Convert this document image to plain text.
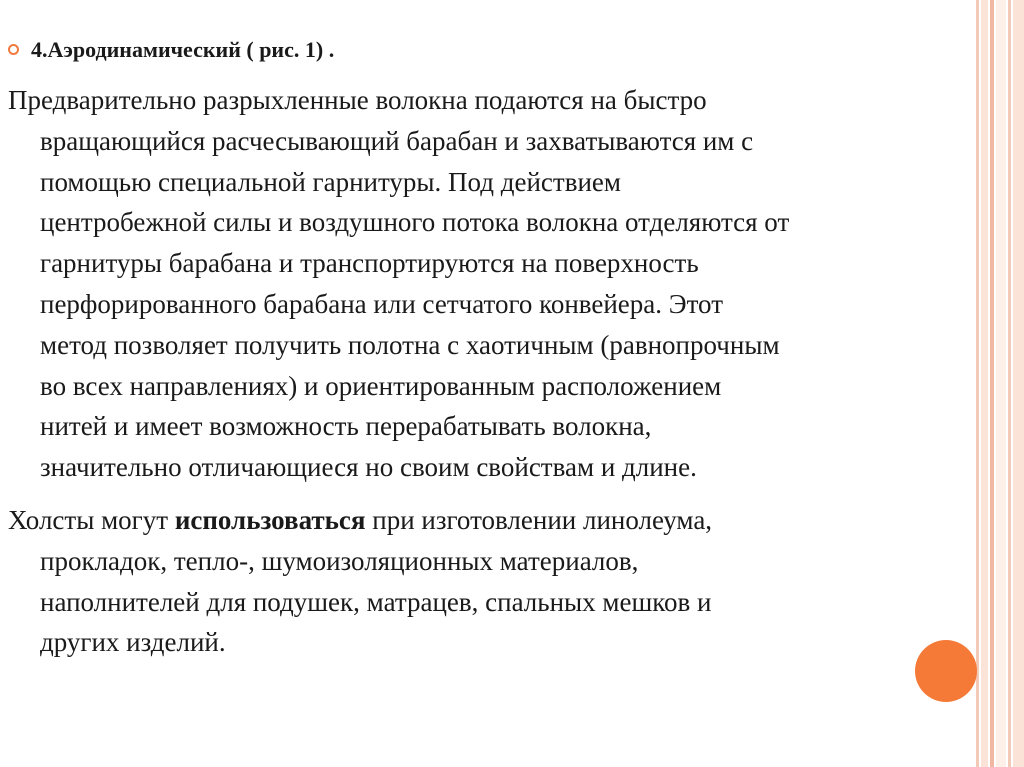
4.Аэродинамический ( рис. 1) .
Предварительно разрыхленные волокна подаются на быстро
вращающийся расчесывающий барабан и захватываются им с
помощью специальной гарнитуры. Под действием
центробежной силы и воздушного потока волокна отделяются от
гарнитуры барабана и транспортируются на поверхность
перфорированного барабана или сетчатого конвейера. Этот
метод позволяет получить полотна с хаотичным (равнопрочным
во всех направлениях) и ориентированным расположением
нитей и имеет возможность перерабатывать волокна,
значительно отличающиеся но своим свойствам и длине.
Холсты могут использоваться при изготовлении линолеума,
прокладок, тепло-, шумоизоляционных материалов,
наполнителей для подушек, матрацев, спальных мешков и
других изделий.
